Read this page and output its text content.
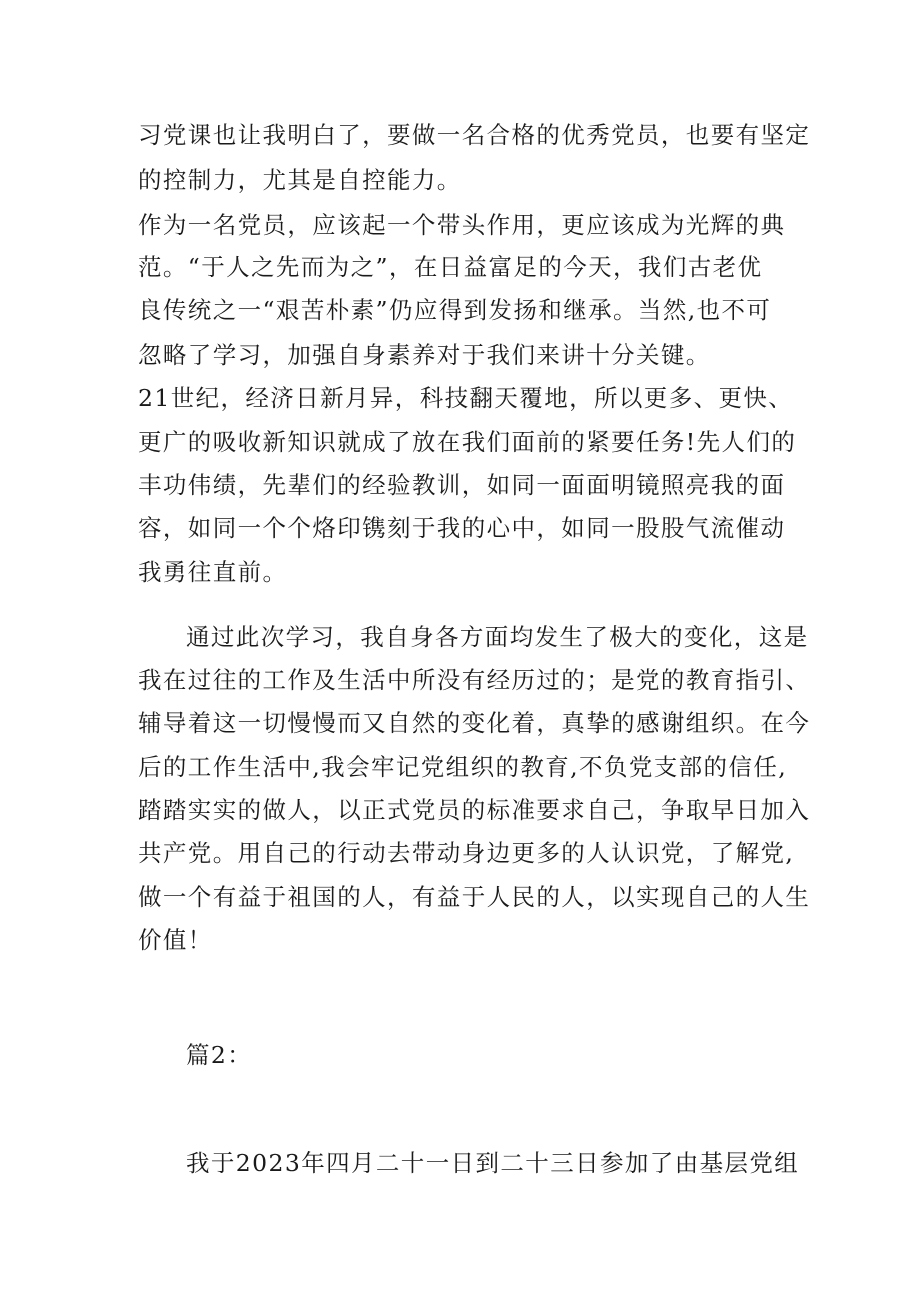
习党课也让我明白了，要做一名合格的优秀党员，也要有坚定
的控制力，尤其是自控能力。
作为一名党员，应该起一个带头作用，更应该成为光辉的典
范。“于人之先而为之”，在日益富足的今天，我们古老优
良传统之一“艰苦朴素”仍应得到发扬和继承。当然,也不可
忽略了学习，加强自身素养对于我们来讲十分关键。
21世纪，经济日新月异，科技翻天覆地，所以更多、更快、
更广的吸收新知识就成了放在我们面前的紧要任务!先人们的
丰功伟绩，先辈们的经验教训，如同一面面明镜照亮我的面
容，如同一个个烙印镌刻于我的心中，如同一股股气流催动
我勇往直前。
通过此次学习，我自身各方面均发生了极大的变化，这是
我在过往的工作及生活中所没有经历过的；是党的教育指引、
辅导着这一切慢慢而又自然的变化着，真挚的感谢组织。在今
后的工作生活中,我会牢记党组织的教育,不负党支部的信任,
踏踏实实的做人，以正式党员的标准要求自己，争取早日加入
共产党。用自己的行动去带动身边更多的人认识党，了解党,
做一个有益于祖国的人，有益于人民的人，以实现自己的人生
价值！
篇2：
我于2023年四月二十一日到二十三日参加了由基层党组
